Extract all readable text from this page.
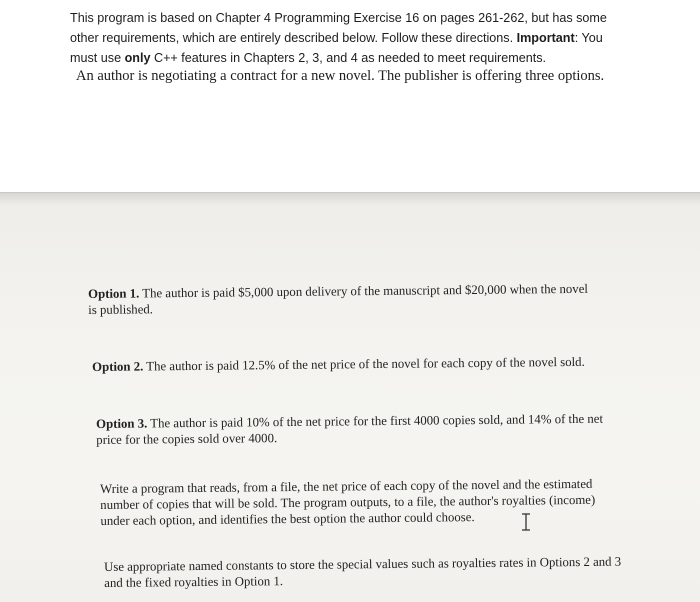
This program is based on Chapter 4 Programming Exercise 16 on pages 261-262, but has some other requirements, which are entirely described below. Follow these directions. Important: You must use only C++ features in Chapters 2, 3, and 4 as needed to meet requirements.

An author is negotiating a contract for a new novel. The publisher is offering three options.

Option 1. The author is paid $5,000 upon delivery of the manuscript and $20,000 when the novel is published.

Option 2. The author is paid 12.5% of the net price of the novel for each copy of the novel sold.

Option 3. The author is paid 10% of the net price for the first 4000 copies sold, and 14% of the net price for the copies sold over 4000.

Write a program that reads, from a file, the net price of each copy of the novel and the estimated number of copies that will be sold. The program outputs, to a file, the author's royalties (income) under each option, and identifies the best option the author could choose.

Use appropriate named constants to store the special values such as royalties rates in Options 2 and 3 and the fixed royalties in Option 1.
